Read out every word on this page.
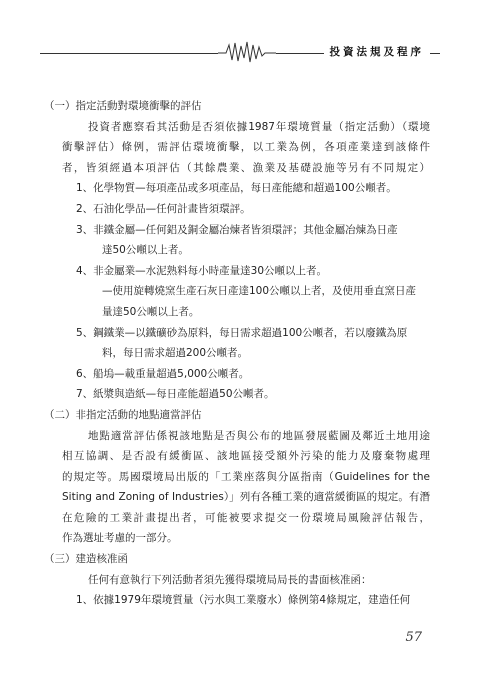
投資法規及程序
（一）指定活動對環境衝擊的評估
投資者應察看其活動是否須依據1987年環境質量（指定活動）（環境
衝擊評估）條例，需評估環境衝擊，以工業為例，各項產業達到該條件
者，皆須經過本項評估（其餘農業、漁業及基礎設施等另有不同規定）
1、化學物質—每項產品或多項產品，每日產能總和超過100公噸者。
2、石油化學品—任何計畫皆須環評。
3、非鐵金屬—任何鋁及銅金屬冶煉者皆須環評；其他金屬冶煉為日產
達50公噸以上者。
4、非金屬業—水泥熟料每小時產量達30公噸以上者。
—使用旋轉燒窯生產石灰日產達100公噸以上者，及使用垂直窯日產
量達50公噸以上者。
5、鋼鐵業—以鐵礦砂為原料，每日需求超過100公噸者，若以廢鐵為原
料，每日需求超過200公噸者。
6、船塢—載重量超過5,000公噸者。
7、紙漿與造紙—每日產能超過50公噸者。
（二）非指定活動的地點適當評估
地點適當評估係視該地點是否與公布的地區發展藍圖及鄰近土地用途
相互協調、是否設有緩衝區、該地區接受額外污染的能力及廢棄物處理
的規定等。馬國環境局出版的「工業座落與分區指南（Guidelines for the
Siting and Zoning of Industries）」列有各種工業的適當緩衝區的規定。有潛
在危險的工業計畫提出者，可能被要求提交一份環境局風險評估報告，
作為選址考慮的一部分。
（三）建造核准函
任何有意執行下列活動者須先獲得環境局局長的書面核准函：
1、依據1979年環境質量（污水與工業廢水）條例第4條規定，建造任何
57
